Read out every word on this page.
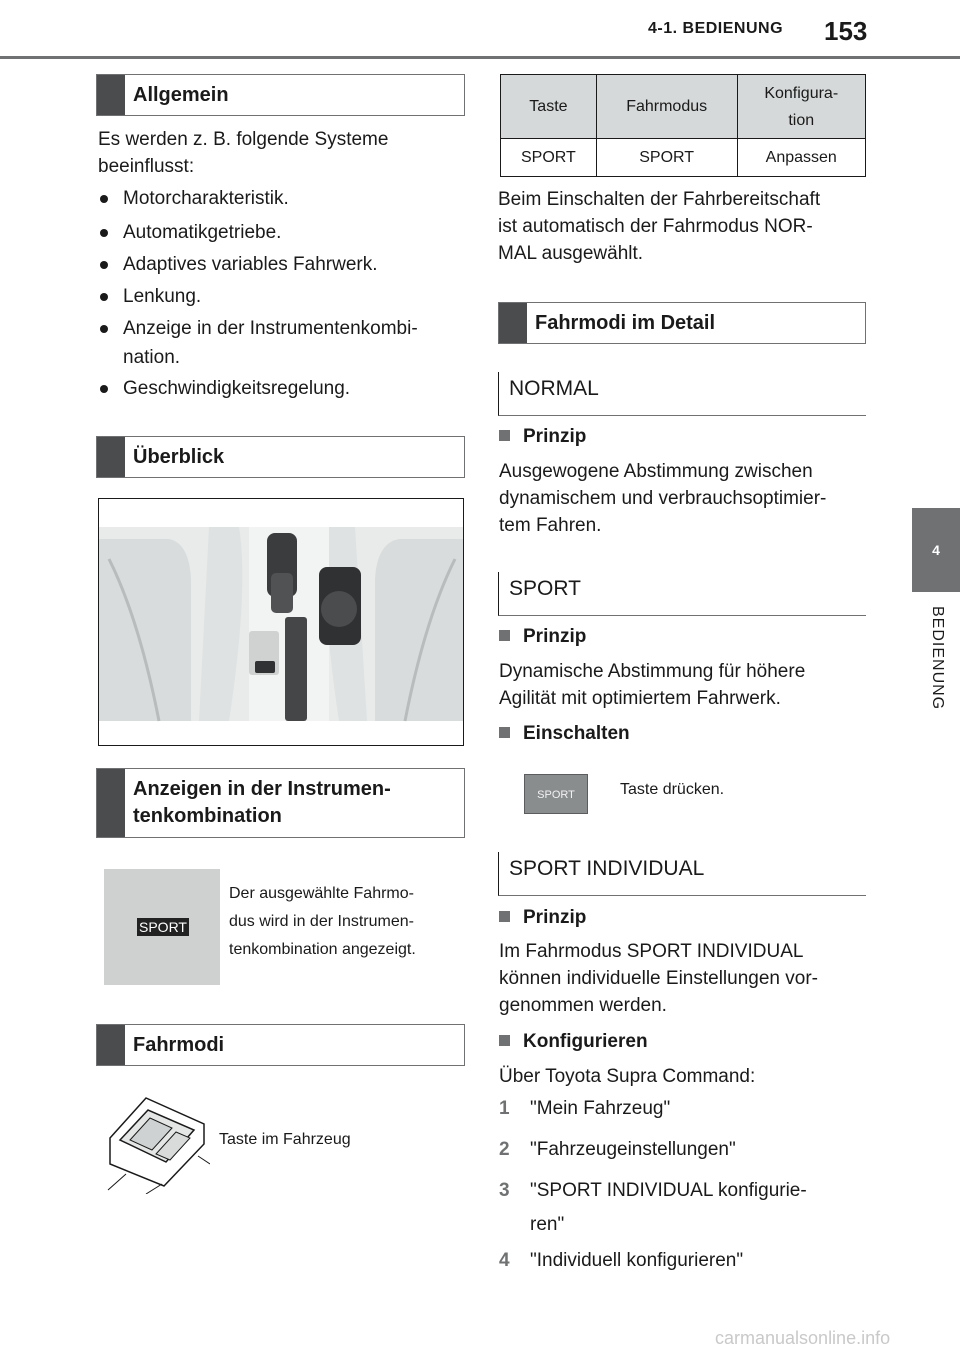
4-1. BEDIENUNG 153
4
BEDIENUNG
Allgemein
Es werden z. B. folgende Systeme
beeinflusst:
Motorcharakteristik.
Automatikgetriebe.
Adaptives variables Fahrwerk.
Lenkung.
Anzeige in der Instrumentenkombi-
nation.
Geschwindigkeitsregelung.
Überblick
Anzeigen in der Instrumen-
tenkombination
SPORT
Der ausgewählte Fahrmo-
dus wird in der Instrumen-
tenkombination angezeigt.
Fahrmodi
Taste im Fahrzeug
Taste	Fahrmodus	Konfigura-
tion

SPORT	SPORT	Anpassen
Beim Einschalten der Fahrbereitschaft
ist automatisch der Fahrmodus NOR-
MAL ausgewählt.
Fahrmodi im Detail
NORMAL
Prinzip
Ausgewogene Abstimmung zwischen
dynamischem und verbrauchsoptimier-
tem Fahren.
SPORT
Prinzip
Dynamische Abstimmung für höhere
Agilität mit optimiertem Fahrwerk.
Einschalten
SPORT	Taste drücken.
SPORT INDIVIDUAL
Prinzip
Im Fahrmodus SPORT INDIVIDUAL
können individuelle Einstellungen vor-
genommen werden.
Konfigurieren
Über Toyota Supra Command:
1	"Mein Fahrzeug"
2	"Fahrzeugeinstellungen"
3	"SPORT INDIVIDUAL konfigurie-
ren"
4	"Individuell konfigurieren"
carmanualsonline.info
